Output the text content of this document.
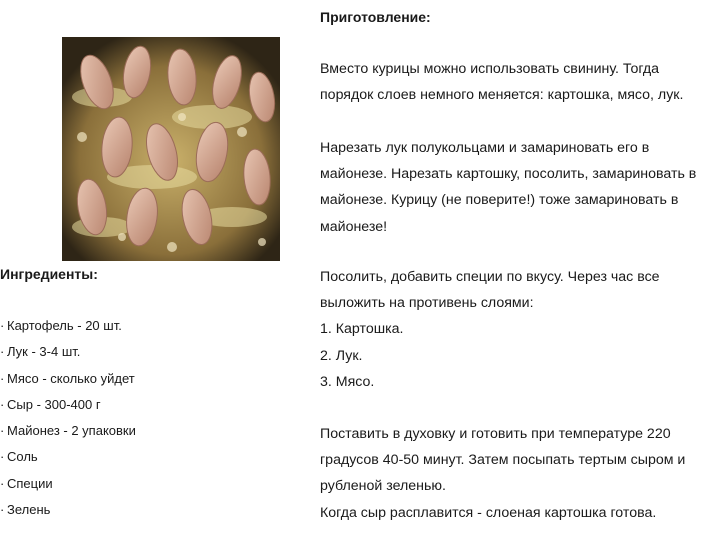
Ингредиенты:
· Картофель - 20 шт.
· Лук - 3-4 шт.
· Мясо - сколько уйдет
· Сыр - 300-400 г
· Майонез - 2 упаковки
· Соль
· Специи
· Зелень
Приготовление:

Вместо курицы можно использовать свинину. Тогда
порядок слоев немного меняется: картошка, мясо, лук.

Нарезать лук полукольцами и замариновать его в
майонезе. Нарезать картошку, посолить, замариновать в
майонезе. Курицу (не поверите!) тоже замариновать в
майонезе!

Посолить, добавить специи по вкусу. Через час все
выложить на противень слоями:
1. Картошка.
2. Лук.
3. Мясо.

Поставить в духовку и готовить при температуре 220
градусов 40-50 минут. Затем посыпать тертым сыром и
рубленой зеленью.
Когда сыр расплавится - слоеная картошка готова.
